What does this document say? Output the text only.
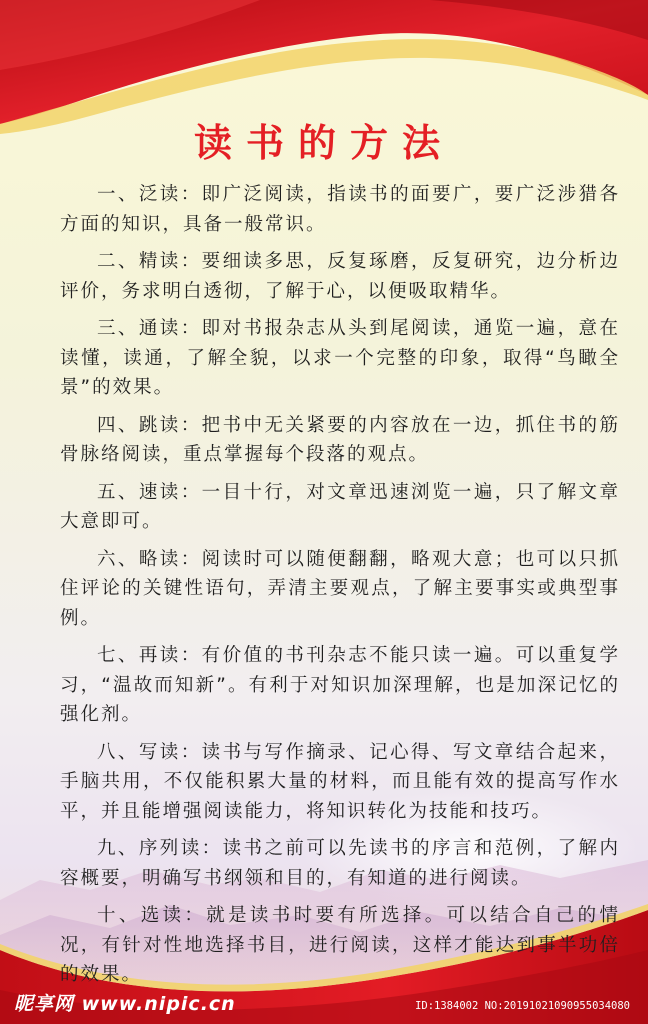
读书的方法

一、泛读：即广泛阅读，指读书的面要广，要广泛涉猎各方面的知识，具备一般常识。

二、精读：要细读多思，反复琢磨，反复研究，边分析边评价，务求明白透彻，了解于心，以便吸取精华。

三、通读：即对书报杂志从头到尾阅读，通览一遍，意在读懂，读通，了解全貌，以求一个完整的印象，取得“鸟瞰全景”的效果。

四、跳读：把书中无关紧要的内容放在一边，抓住书的筋骨脉络阅读，重点掌握每个段落的观点。

五、速读：一目十行，对文章迅速浏览一遍，只了解文章大意即可。

六、略读：阅读时可以随便翻翻，略观大意；也可以只抓住评论的关键性语句，弄清主要观点，了解主要事实或典型事例。

七、再读：有价值的书刊杂志不能只读一遍。可以重复学习，“温故而知新”。有利于对知识加深理解，也是加深记忆的强化剂。

八、写读：读书与写作摘录、记心得、写文章结合起来，手脑共用，不仅能积累大量的材料，而且能有效的提高写作水平，并且能增强阅读能力，将知识转化为技能和技巧。

九、序列读：读书之前可以先读书的序言和范例，了解内容概要，明确写书纲领和目的，有知道的进行阅读。

十、选读：就是读书时要有所选择。可以结合自己的情况，有针对性地选择书目，进行阅读，这样才能达到事半功倍的效果。

昵享网 www.nipic.cn	ID:1384002 NO:20191021090955034080
